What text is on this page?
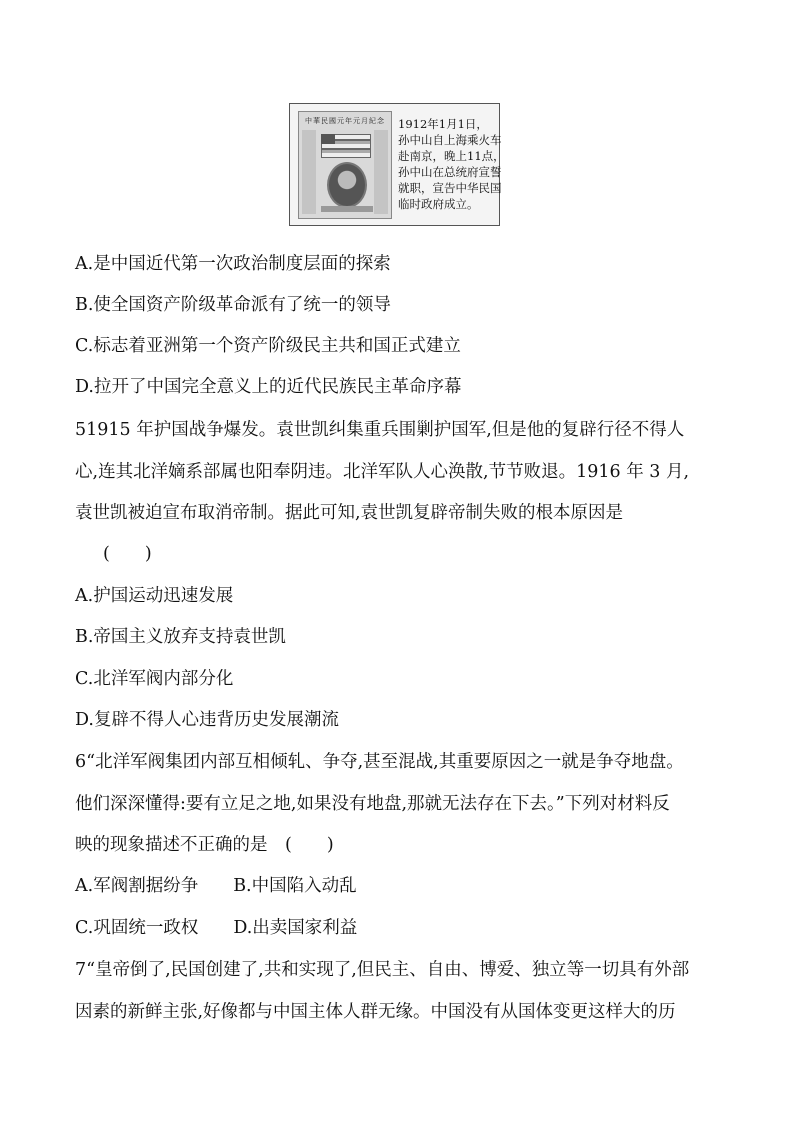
中華民國元年元月紀念 1912年1月1日，
孙中山自上海乘火车
赴南京，晚上11点，
孙中山在总统府宣誓
就职，宣告中华民国
临时政府成立。
A.是中国近代第一次政治制度层面的探索
B.使全国资产阶级革命派有了统一的领导
C.标志着亚洲第一个资产阶级民主共和国正式建立
D.拉开了中国完全意义上的近代民族民主革命序幕
51915 年护国战争爆发。袁世凯纠集重兵围剿护国军,但是他的复辟行径不得人
心,连其北洋嫡系部属也阳奉阴违。北洋军队人心涣散,节节败退。1916 年 3 月,
袁世凯被迫宣布取消帝制。据此可知,袁世凯复辟帝制失败的根本原因是
(　　)
A.护国运动迅速发展
B.帝国主义放弃支持袁世凯
C.北洋军阀内部分化
D.复辟不得人心违背历史发展潮流
6“北洋军阀集团内部互相倾轧、争夺,甚至混战,其重要原因之一就是争夺地盘。
他们深深懂得:要有立足之地,如果没有地盘,那就无法存在下去。”下列对材料反
映的现象描述不正确的是　(　　)
A.军阀割据纷争　　B.中国陷入动乱
C.巩固统一政权　　D.出卖国家利益
7“皇帝倒了,民国创建了,共和实现了,但民主、自由、博爱、独立等一切具有外部
因素的新鲜主张,好像都与中国主体人群无缘。中国没有从国体变更这样大的历
